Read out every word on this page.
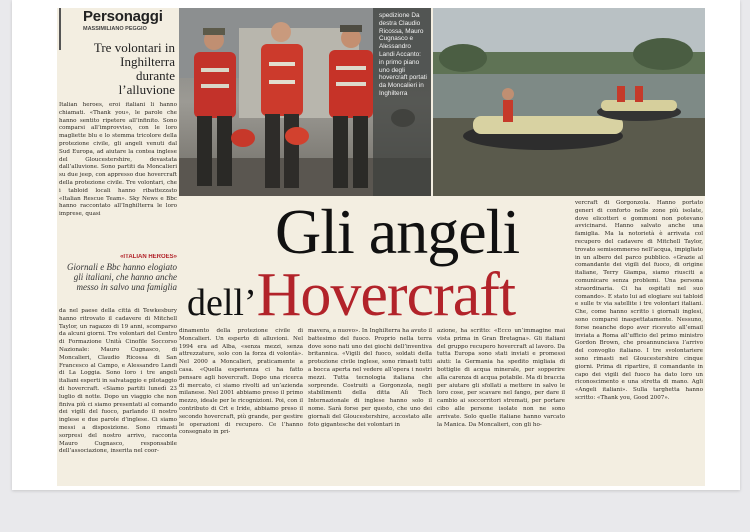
Personaggi
MASSIMILIANO PEGGIO
Tre volontari in Inghilterra durante l’alluvione

Italian heroes, eroi italiani li hanno chiamati. «Thank you», le parole che hanno sentito ripetere all’infinito. Sono comparsi all’improvviso, con le loro magliette blu e lo stemma tricolore della protezione civile, gli angeli venuti dal Sud Europa, ad aiutare la contea inglese del Gloucestershire, devastata dall’alluvione. Sono partiti da Moncalieri su due jeep, con appresso due hovercraft della protezione civile. Tre volontari, che i tabloid locali hanno ribattezzato «Italian Rescue Team». Sky News e Bbc hanno raccontato all’Inghilterra le loro imprese, quasi

«ITALIAN HEROES»
Giornali e Bbc hanno elogiato gli italiani, che hanno anche messo in salvo una famiglia

da nel paese della città di Tewkesbury hanno ritrovato il cadavere di Mitchell Taylor, un ragazzo di 19 anni, scomparso da alcuni giorni. Tre volontari del Centro di Formazione Unità Cinofile Soccorso Nazionale: Mauro Cugnasco, di Moncalieri, Claudio Ricossa di San Francesco al Campo, e Alessandro Landi di La Loggia. Sono loro i tre angeli italiani esperti in salvataggio e pilotaggio di hovercraft. «Siamo partiti lunedì 23 luglio di notte. Dopo un viaggio che non finiva più ci siamo presentati al comando dei vigili del fuoco, parlando il nostro inglese e due parole d’inglese. Ci siamo messi a disposizione. Sono rimasti sorpresi del nostro arrivo, racconta Mauro Cugnasco, responsabile dell’associazione, inserita nel coor-

spedizione Da destra Claudio Ricossa, Mauro Cugnasco e Alessandro Landi Accanto: in primo piano uno degli hovercraft portati da Moncalieri in Inghilterra
Gli angeli
dell’Hovercraft

dinamento della protezione civile di Moncalieri. Un esperto di alluvioni. Nel 1994 era ad Alba, «senza mezzi, senza attrezzature, solo con la forza di volontà». Nel 2000 a Moncalieri, praticamente a casa. «Quella esperienza ci ha fatto pensare agli hovercraft. Dopo una ricerca di mercato, ci siamo rivolti ad un’azienda milanese. Nel 2001 abbiamo preso il primo mezzo, ideale per le ricognizioni. Poi, con il contributo di Crt e Iride, abbiamo preso il secondo hovercraft, più grande, per gestire le operazioni di recupero. Ce l’hanno consegnato in pri-

mavera, a nuovo». In Inghilterra ha avuto il battesimo del fuoco. Proprio nella terra dove sono nati uno dei giochi dell’inventiva britannica. «Vigili del fuoco, soldati della protezione civile inglese, sono rimasti tutti a bocca aperta nel vedere all’opera i nostri mezzi. Tutta tecnologia italiana che sorprende. Costruiti a Gorgonzola, negli stabilimenti della ditta Alì Tech Internazionale di inglese hanno solo il nome. Sarà forse per questo, che uno dei giornali del Gloucestershire, accostato alle foto gigantesche dei volontari in

azione, ha scritto: «Ecco un’immagine mai vista prima in Gran Bretagna». Gli italiani del gruppo recupero hovercraft al lavoro. Da tutta Europa sono stati inviati e promessi aiuti: la Germania ha spedito migliaia di bottiglie di acqua minerale, per sopperire alla carenza di acqua potabile. Ma di braccia per aiutare gli sfollati a mettere in salvo le loro cose, per scavare nel fango, per dare il cambio ai soccorritori stremati, per portare cibo alle persone isolate non ne sono arrivate. Solo quelle italiane hanno varcato la Manica. Da Moncalieri, con gli ho-

vercraft di Gorgonzola. Hanno portato generi di conforto nelle zone più isolate, dove elicotteri e gommoni non potevano avvicinarsi. Hanno salvato anche una famiglia. Ma la notorietà è arrivata col recupero del cadavere di Mitchell Taylor, trovato semisommerso nell’acqua, impigliato in un albero del parco pubblico. «Grazie al comandante dei vigili del fuoco, di origine italiane, Terry Giampa, siamo riusciti a comunicare senza problemi. Una persona straordinaria. Ci ha ospitati nel suo comando». E stato lui ad elogiare sui tabloid e sulle tv via satellite i tre volontari italiani. Che, come hanno scritto i giornali inglesi, sono comparsi inaspettatamente. Nessuno, forse neanche dopo aver ricevuto all’email inviata a Roma all’ufficio del primo ministro Gordon Brown, che preannunciava l’arrivo del convoglio italiano. I tre svolontariere sono rimasti nel Gloucestershire cinque giorni. Prima di ripartire, il comandante in capo dei vigili del fuoco ha dato loro un riconoscimento e una stretta di mano. Agli «Angeli italiani». Sulla targhetta hanno scritto: «Thank you, Good 2007».
